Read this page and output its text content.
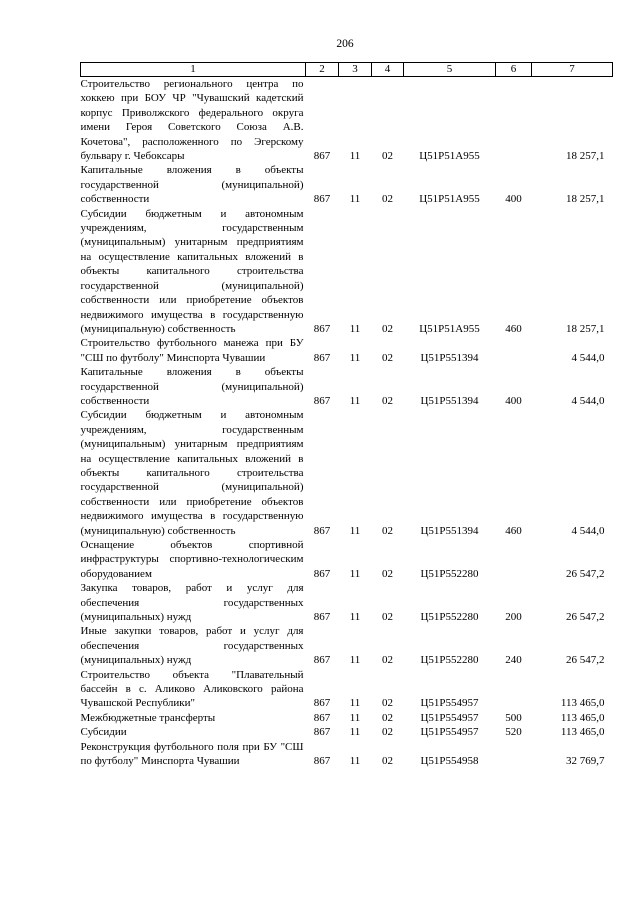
206
1	2	3	4	5	6	7
Строительство регионального центра по хоккею при БОУ ЧР "Чувашский кадетский корпус Приволжского федерального округа имени Героя Советского Союза А.В. Кочетова", расположенного по Эгерскому бульвару г. Чебоксары	867	11	02	Ц51Р51А955		18 257,1
Капитальные вложения в объекты государственной (муниципальной) собственности	867	11	02	Ц51Р51А955	400	18 257,1
Субсидии бюджетным и автономным учреждениям, государственным (муниципальным) унитарным предприятиям на осуществление капитальных вложений в объекты капитального строительства государственной (муниципальной) собственности или приобретение объектов недвижимого имущества в государственную (муниципальную) собственность	867	11	02	Ц51Р51А955	460	18 257,1
Строительство футбольного манежа при БУ "СШ по футболу" Минспорта Чувашии	867	11	02	Ц51Р551394		4 544,0
Капитальные вложения в объекты государственной (муниципальной) собственности	867	11	02	Ц51Р551394	400	4 544,0
Субсидии бюджетным и автономным учреждениям, государственным (муниципальным) унитарным предприятиям на осуществление капитальных вложений в объекты капитального строительства государственной (муниципальной) собственности или приобретение объектов недвижимого имущества в государственную (муниципальную) собственность	867	11	02	Ц51Р551394	460	4 544,0
Оснащение объектов спортивной инфраструктуры спортивно-технологическим оборудованием	867	11	02	Ц51Р552280		26 547,2
Закупка товаров, работ и услуг для обеспечения государственных (муниципальных) нужд	867	11	02	Ц51Р552280	200	26 547,2
Иные закупки товаров, работ и услуг для обеспечения государственных (муниципальных) нужд	867	11	02	Ц51Р552280	240	26 547,2
Строительство объекта "Плавательный бассейн в с. Аликово Аликовского района Чувашской Республики"	867	11	02	Ц51Р554957		113 465,0
Межбюджетные трансферты	867	11	02	Ц51Р554957	500	113 465,0
Субсидии	867	11	02	Ц51Р554957	520	113 465,0
Реконструкция футбольного поля при БУ "СШ по футболу" Минспорта Чувашии	867	11	02	Ц51Р554958		32 769,7
